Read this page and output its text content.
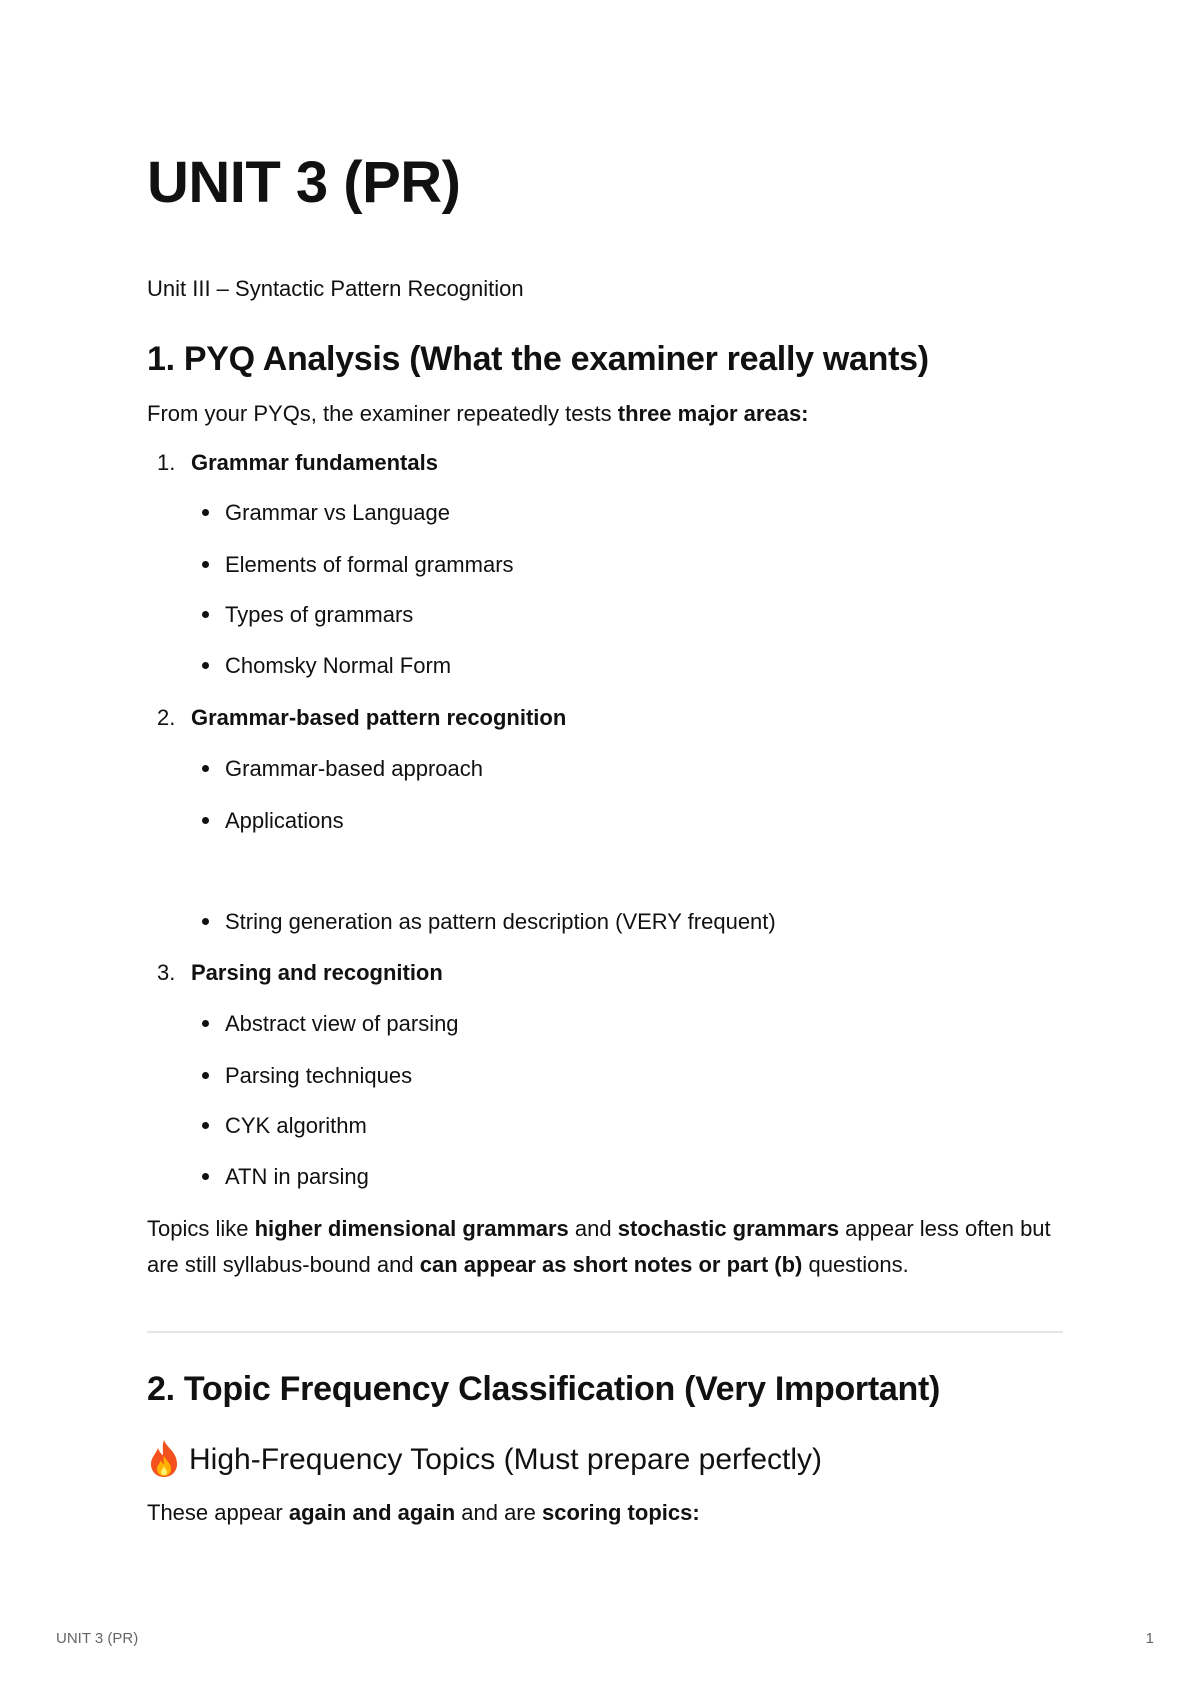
UNIT 3 (PR)

Unit III – Syntactic Pattern Recognition

1. PYQ Analysis (What the examiner really wants)

From your PYQs, the examiner repeatedly tests three major areas:

1. Grammar fundamentals
Grammar vs Language
Elements of formal grammars
Types of grammars
Chomsky Normal Form
2. Grammar-based pattern recognition
Grammar-based approach
Applications
String generation as pattern description (VERY frequent)
3. Parsing and recognition
Abstract view of parsing
Parsing techniques
CYK algorithm
ATN in parsing

Topics like higher dimensional grammars and stochastic grammars appear less often but are still syllabus-bound and can appear as short notes or part (b) questions.

2. Topic Frequency Classification (Very Important)
High-Frequency Topics (Must prepare perfectly)

These appear again and again and are scoring topics:

UNIT 3 (PR)	1
